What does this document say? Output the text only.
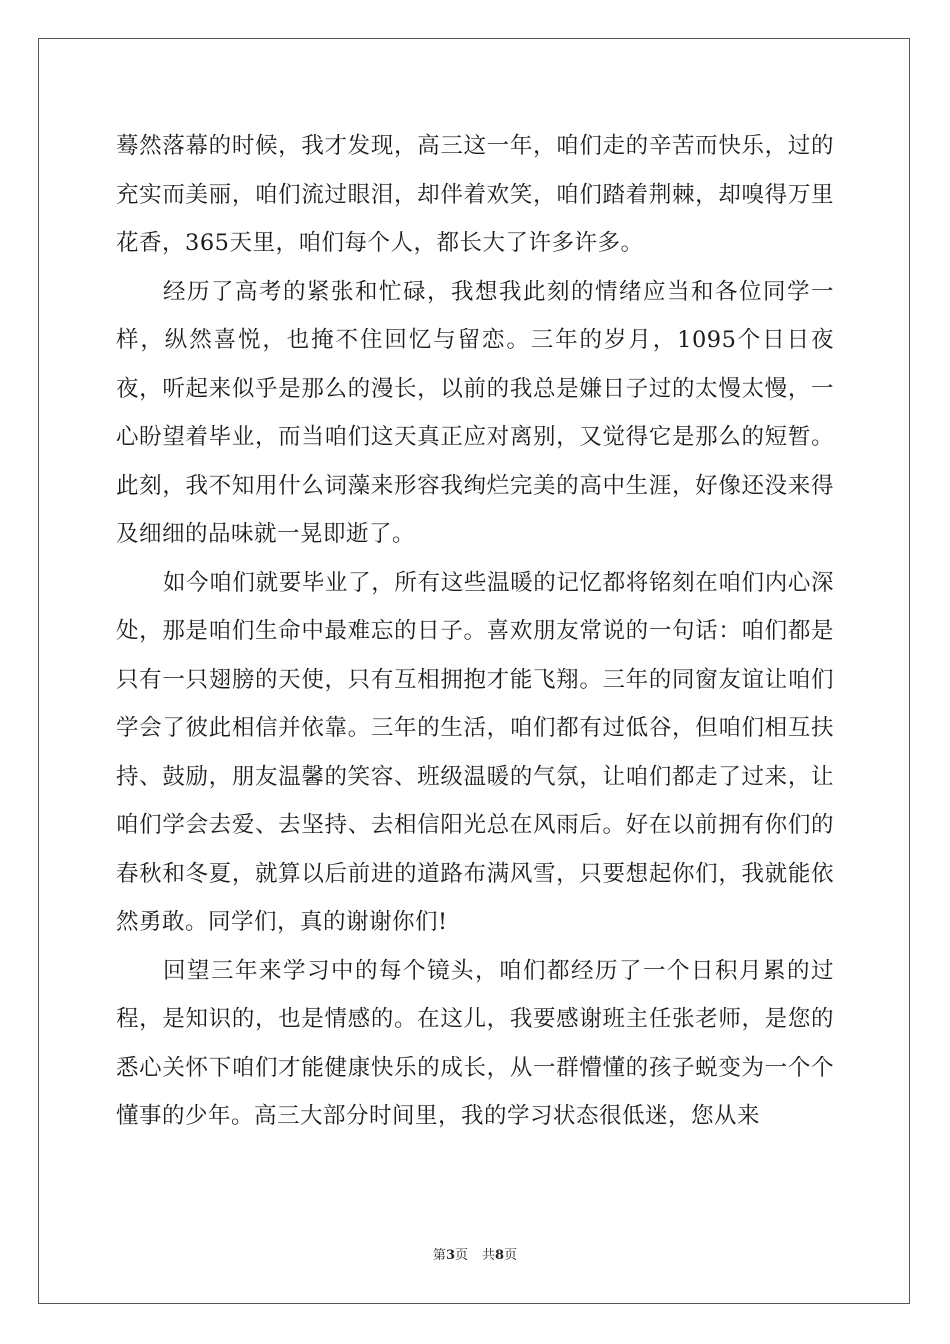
蓦然落幕的时候，我才发现，高三这一年，咱们走的辛苦而快乐，过的充实而美丽，咱们流过眼泪，却伴着欢笑，咱们踏着荆棘，却嗅得万里花香，365天里，咱们每个人，都长大了许多许多。

经历了高考的紧张和忙碌，我想我此刻的情绪应当和各位同学一样，纵然喜悦，也掩不住回忆与留恋。三年的岁月，1095个日日夜夜，听起来似乎是那么的漫长，以前的我总是嫌日子过的太慢太慢，一心盼望着毕业，而当咱们这天真正应对离别，又觉得它是那么的短暂。此刻，我不知用什么词藻来形容我绚烂完美的高中生涯，好像还没来得及细细的品味就一晃即逝了。

如今咱们就要毕业了，所有这些温暖的记忆都将铭刻在咱们内心深处，那是咱们生命中最难忘的日子。喜欢朋友常说的一句话：咱们都是只有一只翅膀的天使，只有互相拥抱才能飞翔。三年的同窗友谊让咱们学会了彼此相信并依靠。三年的生活，咱们都有过低谷，但咱们相互扶持、鼓励，朋友温馨的笑容、班级温暖的气氛，让咱们都走了过来，让咱们学会去爱、去坚持、去相信阳光总在风雨后。好在以前拥有你们的春秋和冬夏，就算以后前进的道路布满风雪，只要想起你们，我就能依然勇敢。同学们，真的谢谢你们!

回望三年来学习中的每个镜头，咱们都经历了一个日积月累的过程，是知识的，也是情感的。在这儿，我要感谢班主任张老师，是您的悉心关怀下咱们才能健康快乐的成长，从一群懵懂的孩子蜕变为一个个懂事的少年。高三大部分时间里，我的学习状态很低迷，您从来

第3页 共8页
